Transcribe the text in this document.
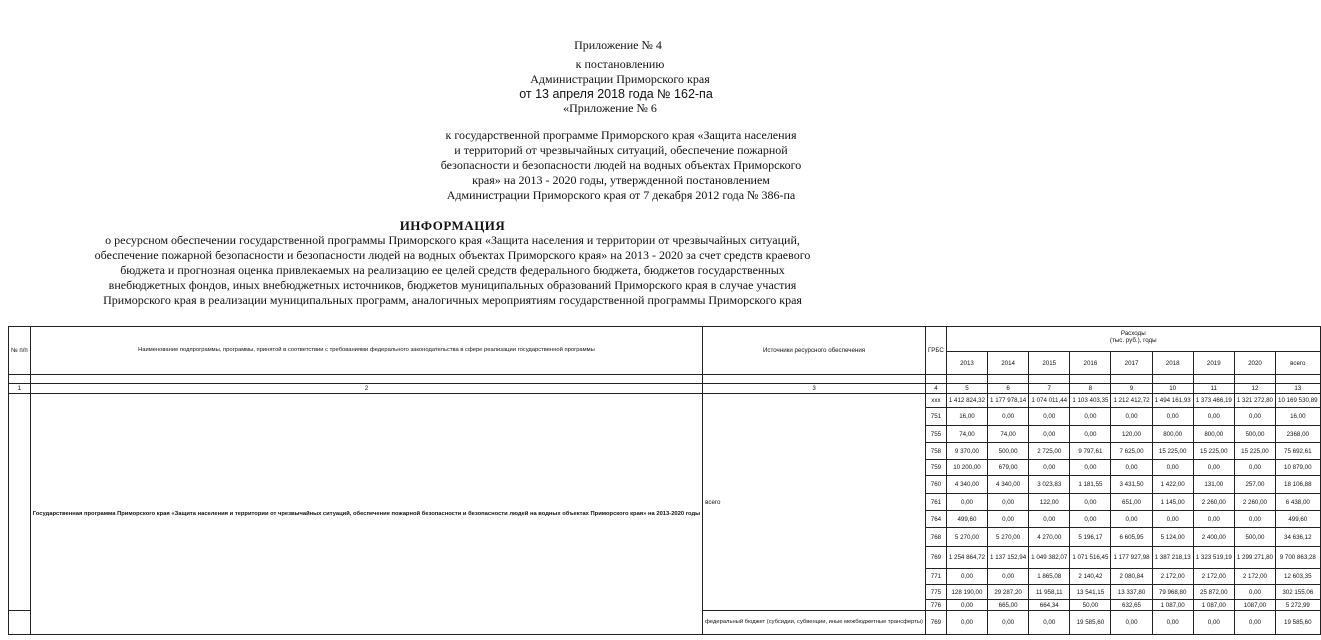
Приложение № 4
к постановлению
Администрации Приморского края
от 13 апреля 2018 года № 162-па
«Приложение № 6
к государственной программе Приморского края «Защита населения
и территорий от чрезвычайных ситуаций, обеспечение пожарной
безопасности и безопасности людей на водных объектах Приморского
края» на 2013 - 2020 годы, утвержденной постановлением
Администрации Приморского края от 7 декабря 2012 года № 386-па
ИНФОРМАЦИЯ
о ресурсном обеспечении государственной программы Приморского края «Защита населения и территории от чрезвычайных ситуаций,
обеспечение пожарной безопасности и безопасности людей на водных объектах Приморского края» на 2013 - 2020 за счет средств краевого
бюджета и прогнозная оценка привлекаемых на реализацию ее целей средств федерального бюджета, бюджетов государственных
внебюджетных фондов, иных внебюджетных источников, бюджетов муниципальных образований Приморского края в случае участия
Приморского края в реализации муниципальных программ, аналогичных мероприятиям государственной программы Приморского края
№ п/п	Наименование подпрограммы, программы, принятой в соответствии с требованиями федерального законодательства в сфере реализации государственной программы	Источники ресурсного обеспечения	ГРБС	Расходы
(тыс. руб.), годы								

				2013	2014	2015	2016	2017	2018	2019	2020	всего

1	2	3	4	5	6	7	8	9	10	11	12	13
	Государственная программа Приморского края «Защита населения и территории от чрезвычайных ситуаций, обеспечение пожарной безопасности и безопасности людей на водных объектах Приморского края» на 2013-2020 годы	всего	ххх	1 412 824,32	1 177 978,14	1 074 011,44	1 103 403,35	1 212 412,72	1 494 161,93	1 373 466,19	1 321 272,80	10 169 530,89
			751	16,00	0,00	0,00	0,00	0,00	0,00	0,00	0,00	16,00
			755	74,00	74,00	0,00	0,00	120,00	800,00	800,00	500,00	2368,00
			758	9 370,00	500,00	2 725,00	9 797,61	7 625,00	15 225,00	15 225,00	15 225,00	75 692,61
			759	10 200,00	679,00	0,00	0,00	0,00	0,00	0,00	0,00	10 879,00
			760	4 340,00	4 340,00	3 023,83	1 181,55	3 431,50	1 422,00	131,00	257,00	18 106,88
			761	0,00	0,00	122,00	0,00	651,00	1 145,00	2 260,00	2 260,00	6 438,00
			764	499,60	0,00	0,00	0,00	0,00	0,00	0,00	0,00	499,60
			768	5 270,00	5 270,00	4 270,00	5 196,17	6 605,95	5 124,00	2 400,00	500,00	34 636,12
			769	1 254 864,72	1 137 152,94	1 049 382,07	1 071 516,45	1 177 927,98	1 387 218,13	1 323 519,19	1 299 271,80	9 700 863,28
			771	0,00	0,00	1 865,08	2 140,42	2 080,84	2 172,00	2 172,00	2 172,00	12 603,35
			775	128 190,00	29 287,20	11 958,11	13 541,15	13 337,80	79 968,80	25 872,00	0,00	302 155,06
			776	0,00	665,00	664,34	50,00	632,65	1 087,00	1 087,00	1087,00	5 272,99
		федеральный бюджет (субсидии, субвенции, иные межбюджетные трансферты)	769	0,00	0,00	0,00	19 585,60	0,00	0,00	0,00	0,00	19 585,60
